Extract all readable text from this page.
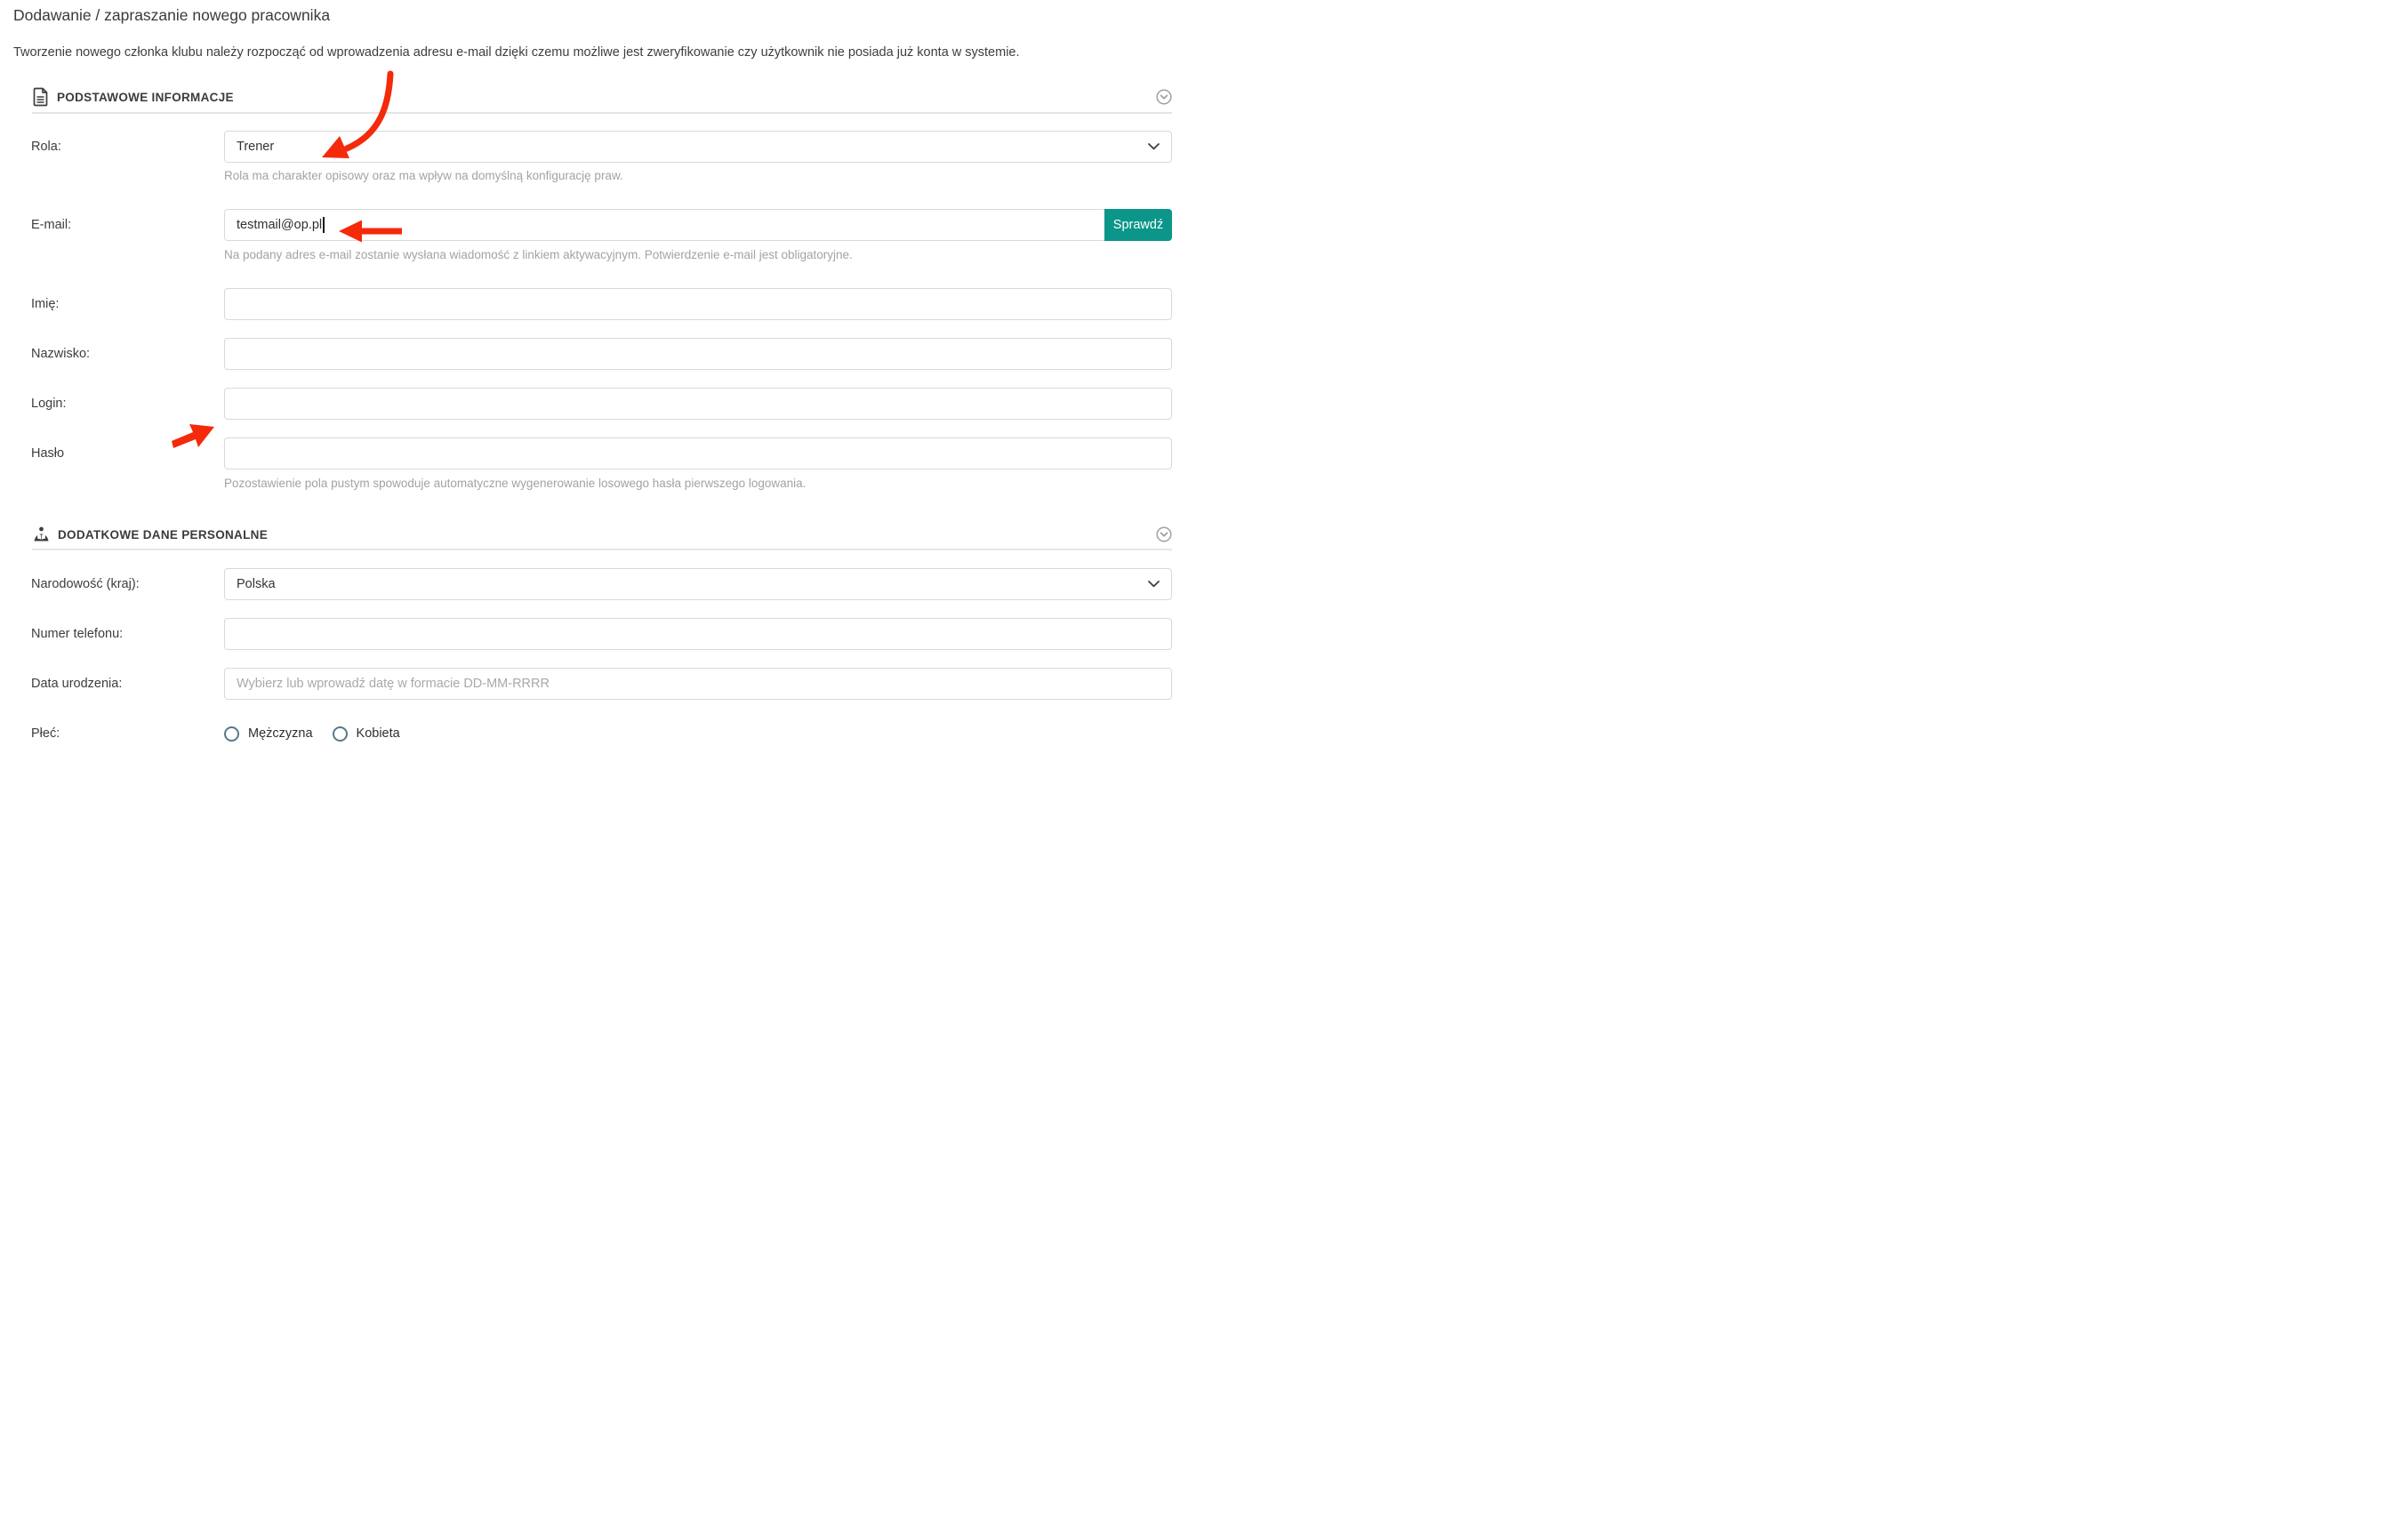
Dodawanie / zapraszanie nowego pracownika
Tworzenie nowego członka klubu należy rozpocząć od wprowadzenia adresu e-mail dzięki czemu możliwe jest zweryfikowanie czy użytkownik nie posiada już konta w systemie.
PODSTAWOWE INFORMACJE
Rola:	Trener
Rola ma charakter opisowy oraz ma wpływ na domyślną konfigurację praw.
E-mail:	testmail@op.pl	Sprawdź
Na podany adres e-mail zostanie wysłana wiadomość z linkiem aktywacyjnym. Potwierdzenie e-mail jest obligatoryjne.
Imię:
Nazwisko:
Login:
Hasło
Pozostawienie pola pustym spowoduje automatyczne wygenerowanie losowego hasła pierwszego logowania.
DODATKOWE DANE PERSONALNE
Narodowość (kraj):	Polska
Numer telefonu:
Data urodzenia:
Wybierz lub wprowadź datę w formacie DD-MM-RRRR
Płeć:	Mężczyzna	Kobieta
